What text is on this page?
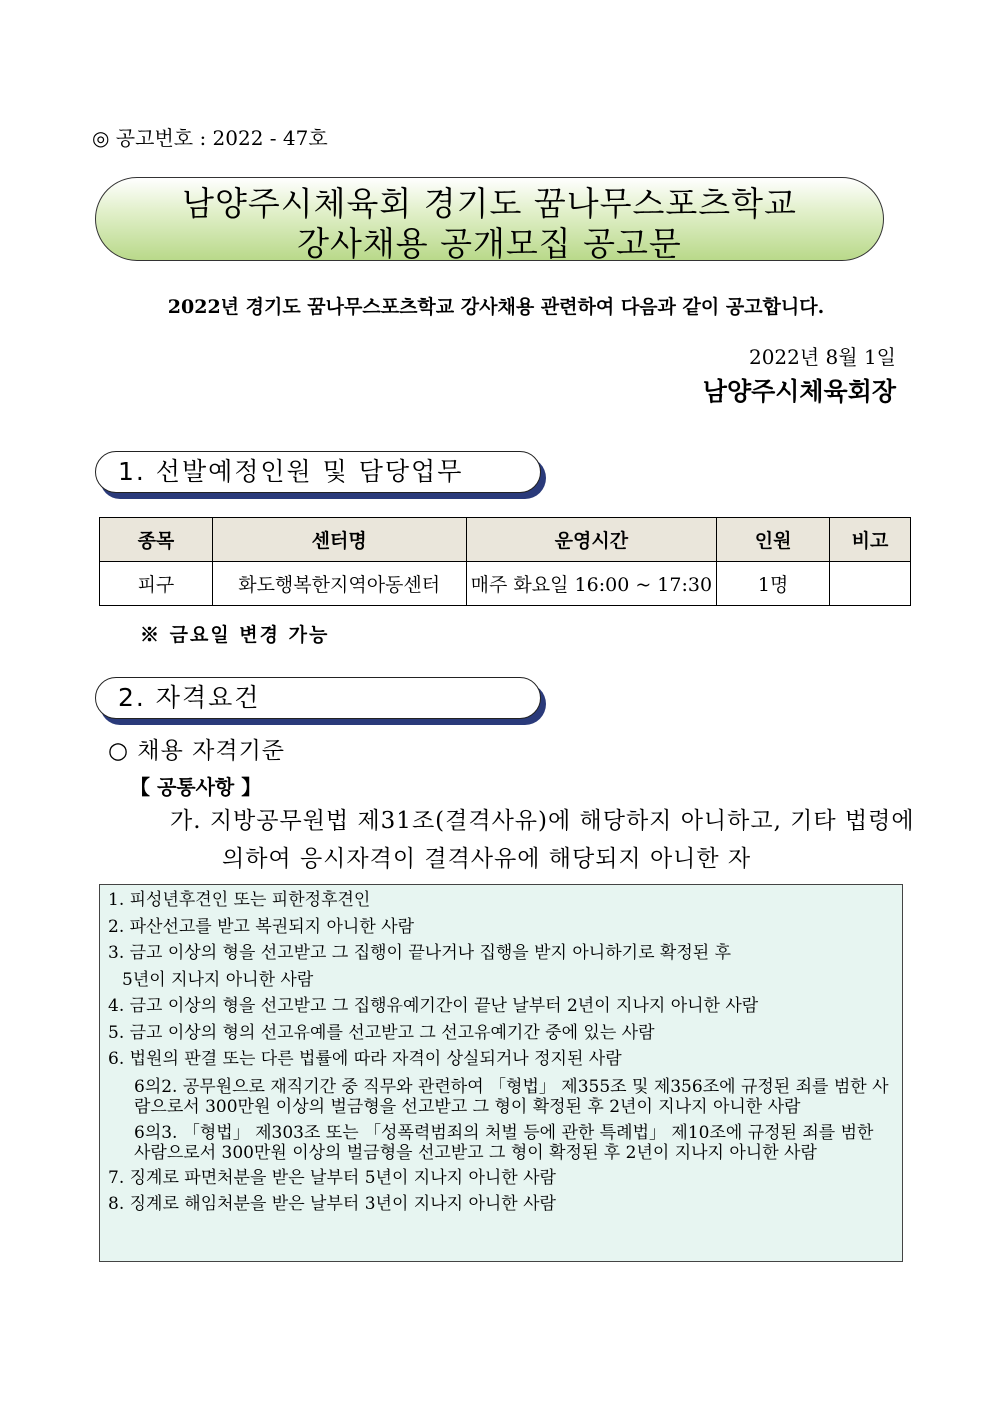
◎ 공고번호 : 2022 - 47호
남양주시체육회 경기도 꿈나무스포츠학교
강사채용 공개모집 공고문
2022년 경기도 꿈나무스포츠학교 강사채용 관련하여 다음과 같이 공고합니다.
2022년 8월 1일
남양주시체육회장
1. 선발예정인원 및 담당업무
종목	센터명	운영시간	인원	비고
피구	화도행복한지역아동센터	매주 화요일 16:00 ~ 17:30	1명	
※ 금요일 변경 가능
2. 자격요건
○ 채용 자격기준
【 공통사항 】
가. 지방공무원법 제31조(결격사유)에 해당하지 아니하고, 기타 법령에
의하여 응시자격이 결격사유에 해당되지 아니한 자
1. 피성년후견인 또는 피한정후견인
2. 파산선고를 받고 복권되지 아니한 사람
3. 금고 이상의 형을 선고받고 그 집행이 끝나거나 집행을 받지 아니하기로 확정된 후
5년이 지나지 아니한 사람
4. 금고 이상의 형을 선고받고 그 집행유예기간이 끝난 날부터 2년이 지나지 아니한 사람
5. 금고 이상의 형의 선고유예를 선고받고 그 선고유예기간 중에 있는 사람
6. 법원의 판결 또는 다른 법률에 따라 자격이 상실되거나 정지된 사람
6의2. 공무원으로 재직기간 중 직무와 관련하여 「형법」 제355조 및 제356조에 규정된 죄를 범한 사람으로서 300만원 이상의 벌금형을 선고받고 그 형이 확정된 후 2년이 지나지 아니한 사람
6의3. 「형법」 제303조 또는 「성폭력범죄의 처벌 등에 관한 특례법」 제10조에 규정된 죄를 범한 사람으로서 300만원 이상의 벌금형을 선고받고 그 형이 확정된 후 2년이 지나지 아니한 사람
7. 징계로 파면처분을 받은 날부터 5년이 지나지 아니한 사람
8. 징계로 해임처분을 받은 날부터 3년이 지나지 아니한 사람
